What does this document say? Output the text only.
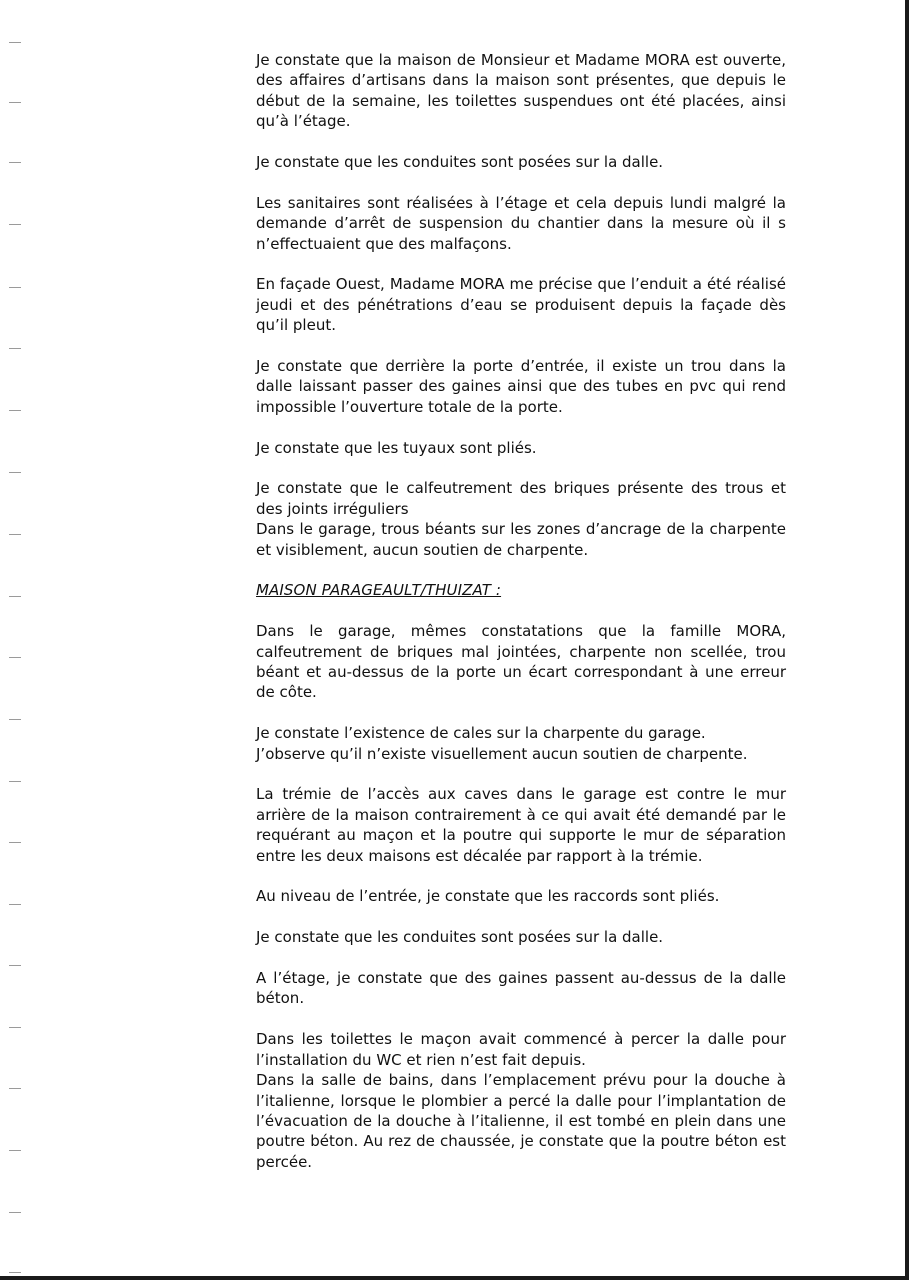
Je constate que la maison de Monsieur et Madame MORA est ouverte, des affaires d’artisans dans la maison sont présentes, que depuis le début de la semaine, les toilettes suspendues ont été placées, ainsi qu’à l’étage.

Je constate que les conduites sont posées sur la dalle.

Les sanitaires sont réalisées à l’étage et cela depuis lundi malgré la demande d’arrêt de suspension du chantier dans la mesure où il s n’effectuaient que des malfaçons.

En façade Ouest, Madame MORA me précise que l’enduit a été réalisé jeudi et des pénétrations d’eau se produisent depuis la façade dès qu’il pleut.

Je constate que derrière la porte d’entrée, il existe un trou dans la dalle laissant passer des gaines ainsi que des tubes en pvc qui rend impossible l’ouverture totale de la porte.

Je constate que les tuyaux sont pliés.

Je constate que le calfeutrement des briques présente des trous et des joints irréguliers
Dans le garage, trous béants sur les zones d’ancrage de la charpente et visiblement, aucun soutien de charpente.

MAISON PARAGEAULT/THUIZAT :

Dans le garage, mêmes constatations que la famille MORA, calfeutrement de briques mal jointées, charpente non scellée, trou béant et au-dessus de la porte un écart correspondant à une erreur de côte.

Je constate l’existence de cales sur la charpente du garage.
J’observe qu’il n’existe visuellement aucun soutien de charpente.

La trémie de l’accès aux caves dans le garage est contre le mur arrière de la maison contrairement à ce qui avait été demandé par le requérant au maçon et la poutre qui supporte le mur de séparation entre les deux maisons est décalée par rapport à la trémie.

Au niveau de l’entrée, je constate que les raccords sont pliés.

Je constate que les conduites sont posées sur la dalle.

A l’étage, je constate que des gaines passent au-dessus de la dalle béton.

Dans les toilettes le maçon avait commencé à percer la dalle pour l’installation du WC et rien n’est fait depuis.
Dans la salle de bains, dans l’emplacement prévu pour la douche à l’italienne, lorsque le plombier a percé la dalle pour l’implantation de l’évacuation de la douche à l’italienne, il est tombé en plein dans une poutre béton. Au rez de chaussée, je constate que la poutre béton est percée.
